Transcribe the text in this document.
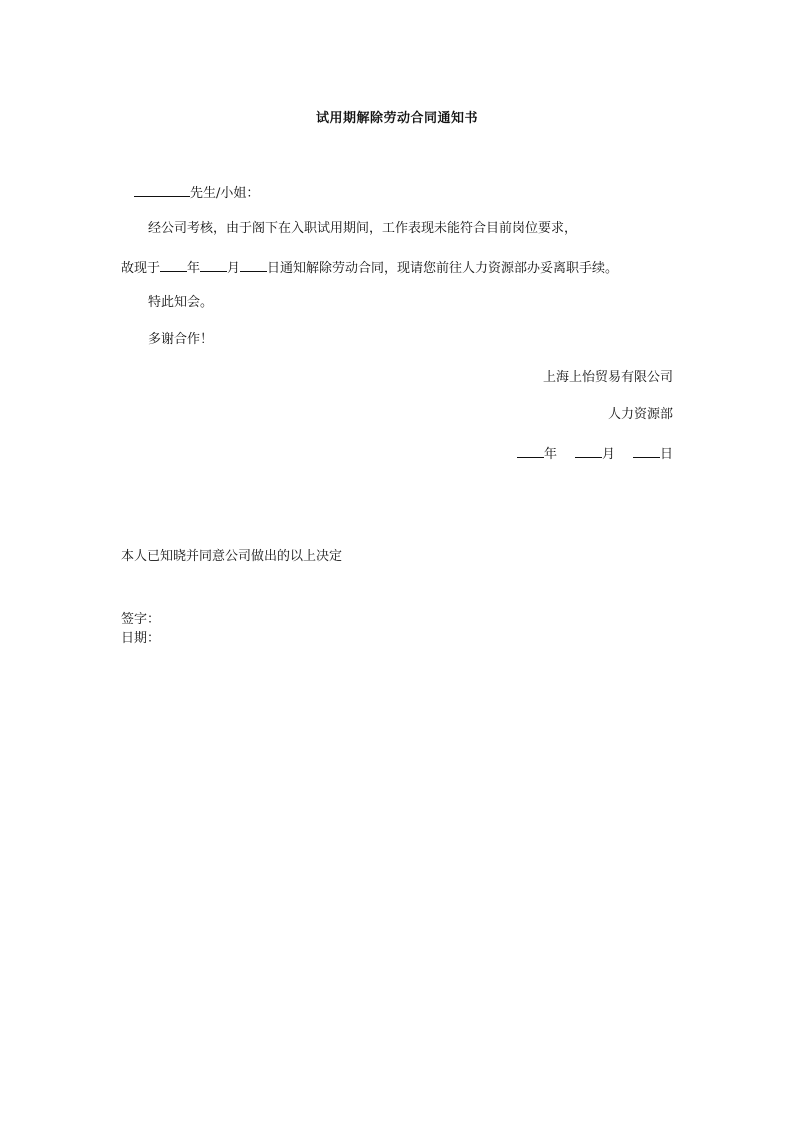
试用期解除劳动合同通知书
先生/小姐：
经公司考核，由于阁下在入职试用期间，工作表现未能符合目前岗位要求，
故现于 年 月 日通知解除劳动合同，现请您前往人力资源部办妥离职手续。
特此知会。
多谢合作！
上海上怡贸易有限公司
人力资源部
年	月	日
本人已知晓并同意公司做出的以上决定
签字：
日期：
